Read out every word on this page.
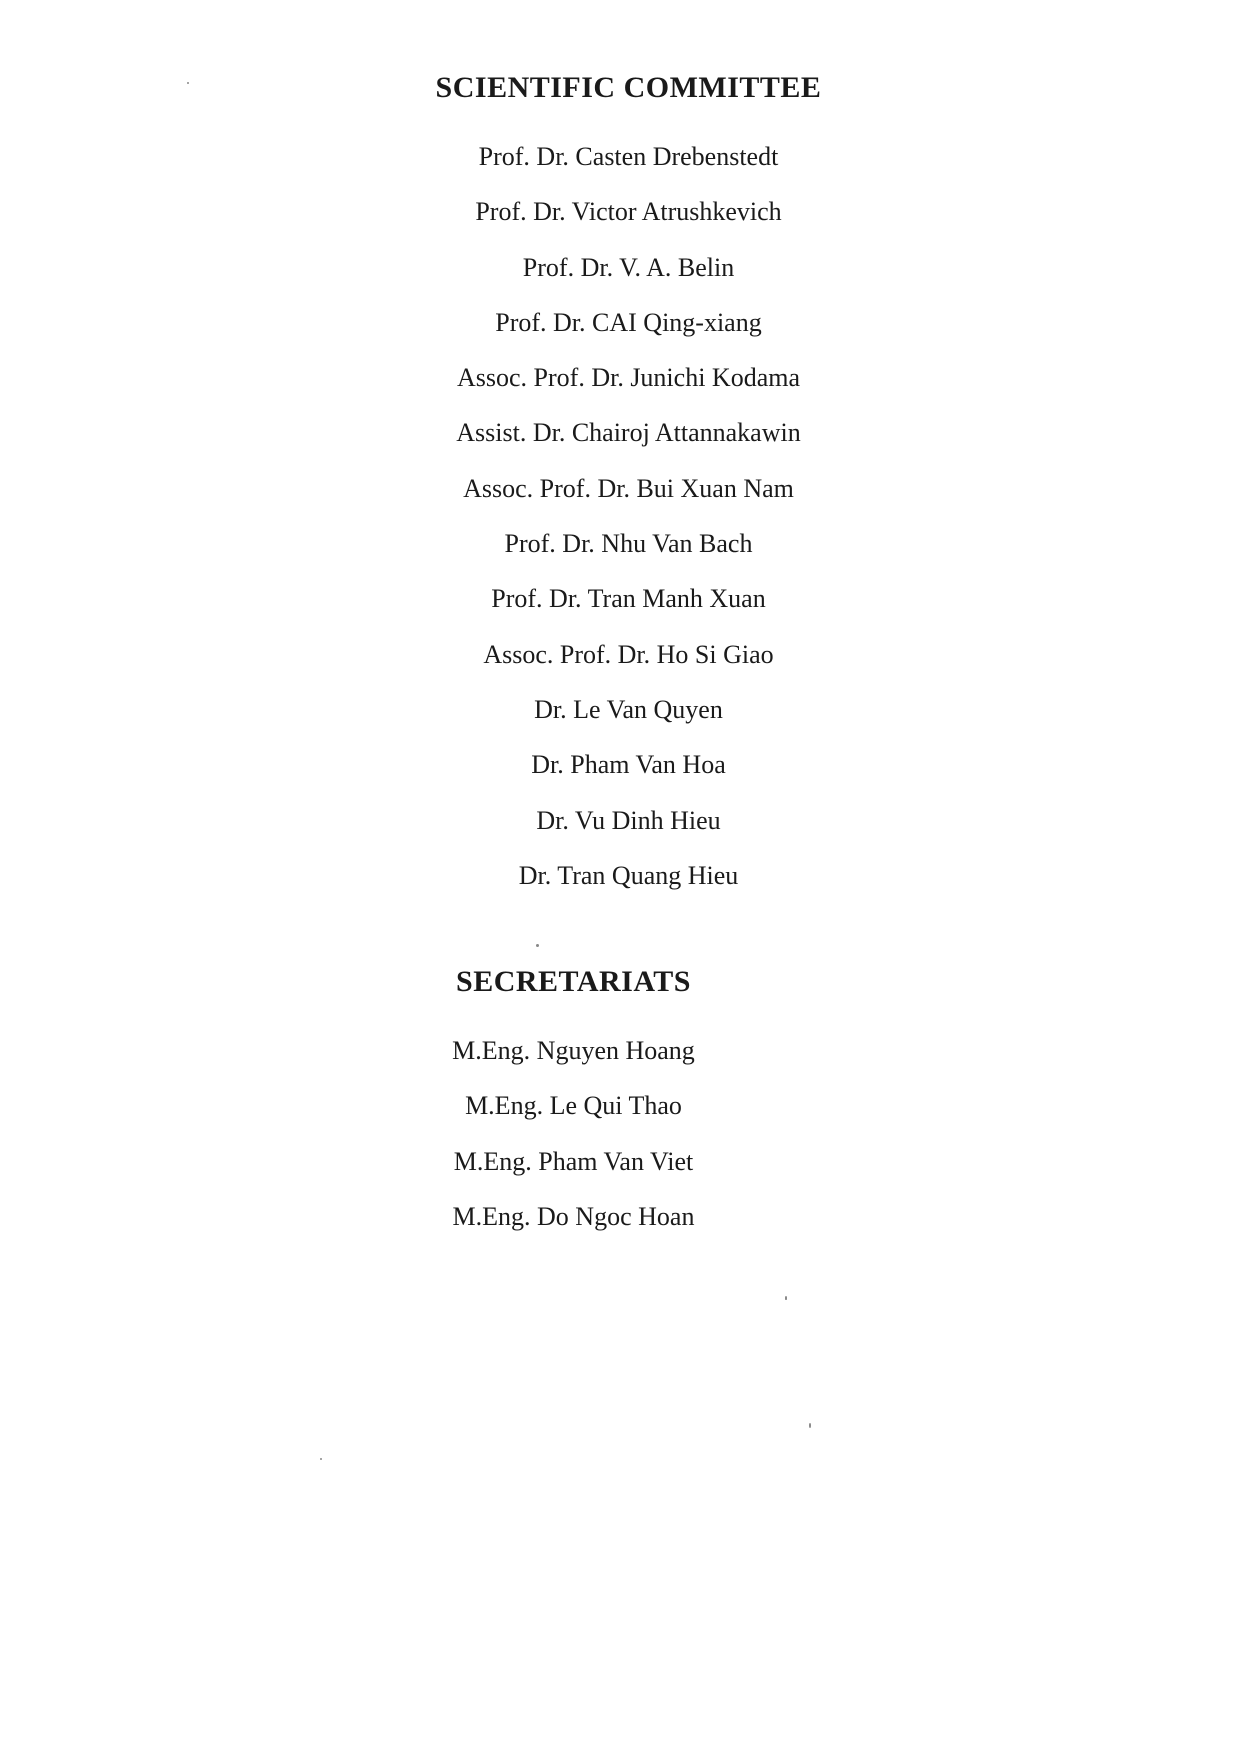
SCIENTIFIC COMMITTEE
Prof. Dr. Casten Drebenstedt
Prof. Dr. Victor Atrushkevich
Prof. Dr. V. A. Belin
Prof. Dr. CAI Qing-xiang
Assoc. Prof. Dr. Junichi Kodama
Assist. Dr. Chairoj Attannakawin
Assoc. Prof. Dr. Bui Xuan Nam
Prof. Dr. Nhu Van Bach
Prof. Dr. Tran Manh Xuan
Assoc. Prof. Dr. Ho Si Giao
Dr. Le Van Quyen
Dr. Pham Van Hoa
Dr. Vu Dinh Hieu
Dr. Tran Quang Hieu
SECRETARIATS
M.Eng. Nguyen Hoang
M.Eng. Le Qui Thao
M.Eng. Pham Van Viet
M.Eng. Do Ngoc Hoan
